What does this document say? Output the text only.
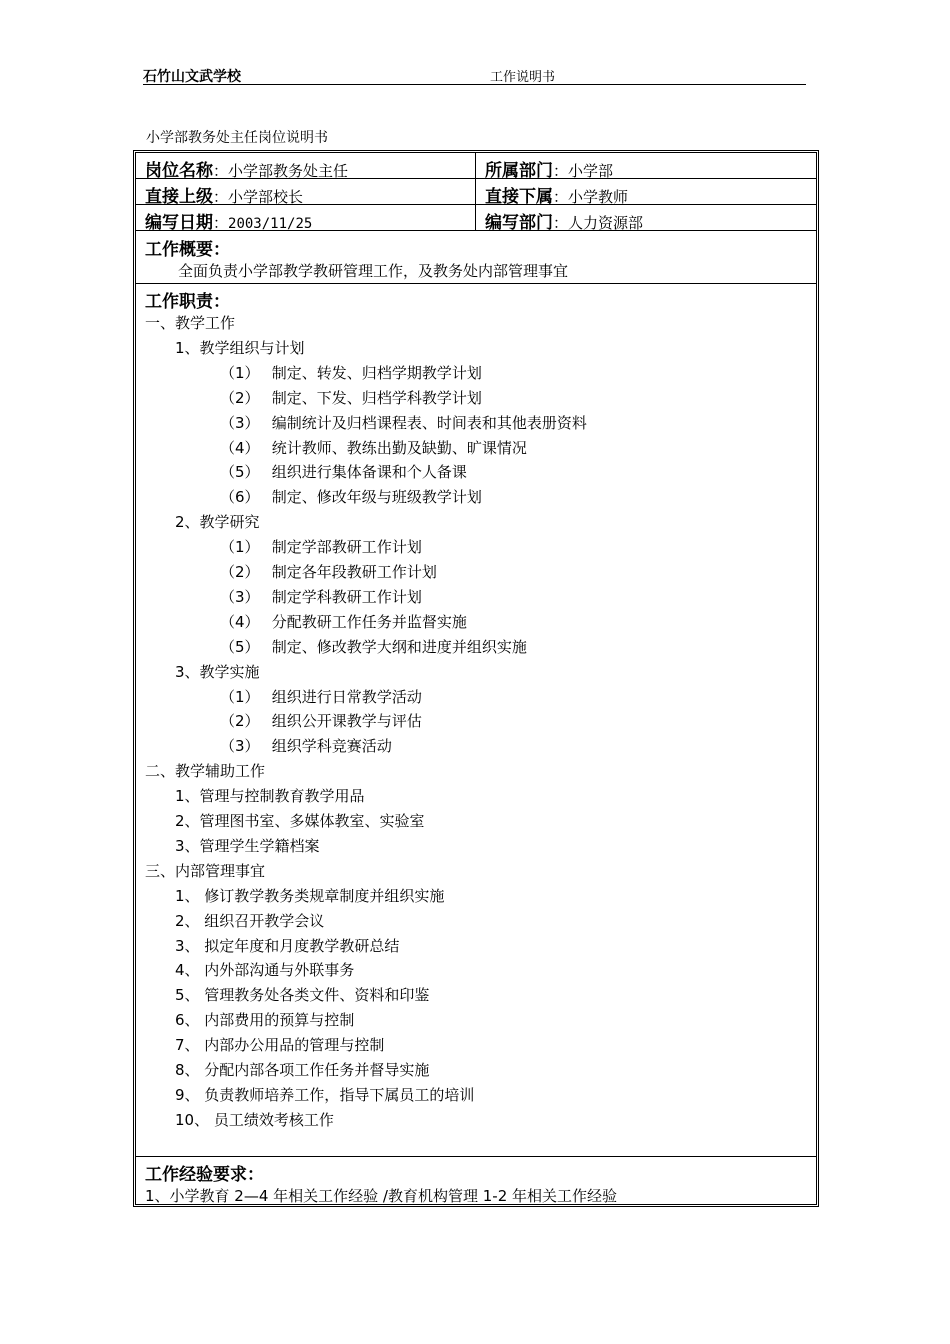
石竹山文武学校	工作说明书
小学部教务处主任岗位说明书
岗位名称：小学部教务处主任	所属部门：小学部
直接上级：小学部校长	直接下属：小学教师
编写日期：2003/11/25	编写部门：人力资源部
工作概要：
全面负责小学部教学教研管理工作，及教务处内部管理事宜
工作职责：
一、教学工作
1、教学组织与计划
（1）　 制定、转发、归档学期教学计划
（2）　 制定、下发、归档学科教学计划
（3）　 编制统计及归档课程表、时间表和其他表册资料
（4）　 统计教师、教练出勤及缺勤、旷课情况
（5）　 组织进行集体备课和个人备课
（6）　 制定、修改年级与班级教学计划
2、教学研究
（1）　 制定学部教研工作计划
（2）　 制定各年段教研工作计划
（3）　 制定学科教研工作计划
（4）　 分配教研工作任务并监督实施
（5）　 制定、修改教学大纲和进度并组织实施
3、教学实施
（1）　 组织进行日常教学活动
（2）　 组织公开课教学与评估
（3）　 组织学科竞赛活动
二、教学辅助工作
1、管理与控制教育教学用品
2、管理图书室、多媒体教室、实验室
3、管理学生学籍档案
三、内部管理事宜
1、 修订教学教务类规章制度并组织实施
2、 组织召开教学会议
3、 拟定年度和月度教学教研总结
4、 内外部沟通与外联事务
5、 管理教务处各类文件、资料和印鉴
6、 内部费用的预算与控制
7、 内部办公用品的管理与控制
8、 分配内部各项工作任务并督导实施
9、 负责教师培养工作，指导下属员工的培训
10、 员工绩效考核工作
工作经验要求：
1、小学教育 2—4 年相关工作经验 /教育机构管理 1-2 年相关工作经验
